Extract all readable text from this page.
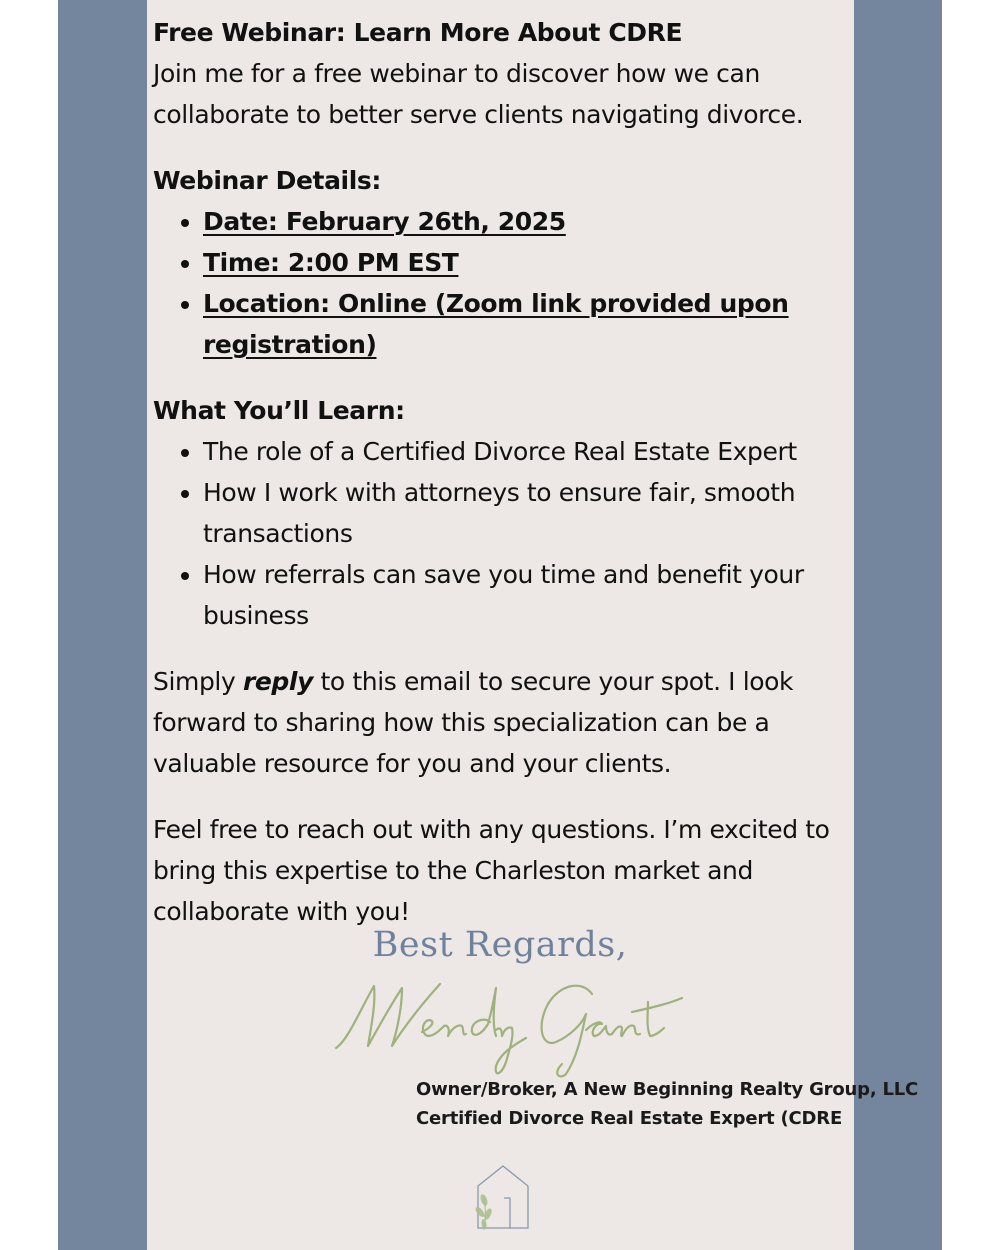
Free Webinar: Learn More About CDRE

Join me for a free webinar to discover how we can collaborate to better serve clients navigating divorce.

Webinar Details:

• Date: February 26th, 2025
• Time: 2:00 PM EST
• Location: Online (Zoom link provided upon registration)

What You’ll Learn:

• The role of a Certified Divorce Real Estate Expert
• How I work with attorneys to ensure fair, smooth transactions
• How referrals can save you time and benefit your business

Simply reply to this email to secure your spot. I look forward to sharing how this specialization can be a valuable resource for you and your clients.

Feel free to reach out with any questions. I’m excited to bring this expertise to the Charleston market and collaborate with you!

Best Regards,
Owner/Broker, A New Beginning Realty Group, LLC
Certified Divorce Real Estate Expert (CDRE
